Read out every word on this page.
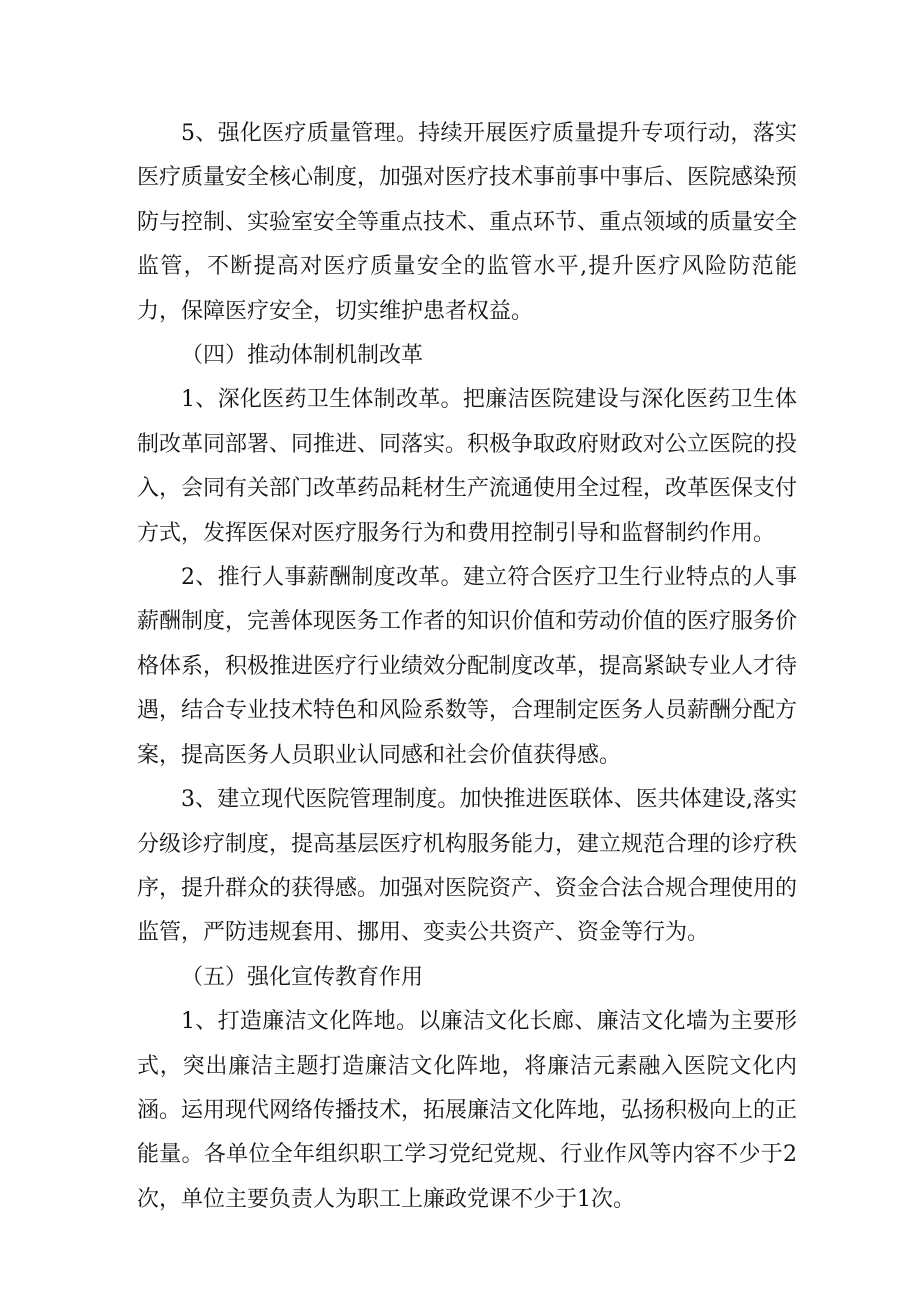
5、强化医疗质量管理。持续开展医疗质量提升专项行动，落实医疗质量安全核心制度，加强对医疗技术事前事中事后、医院感染预防与控制、实验室安全等重点技术、重点环节、重点领域的质量安全监管，不断提高对医疗质量安全的监管水平,提升医疗风险防范能力，保障医疗安全，切实维护患者权益。

（四）推动体制机制改革

1、深化医药卫生体制改革。把廉洁医院建设与深化医药卫生体制改革同部署、同推进、同落实。积极争取政府财政对公立医院的投入，会同有关部门改革药品耗材生产流通使用全过程，改革医保支付方式，发挥医保对医疗服务行为和费用控制引导和监督制约作用。

2、推行人事薪酬制度改革。建立符合医疗卫生行业特点的人事薪酬制度，完善体现医务工作者的知识价值和劳动价值的医疗服务价格体系，积极推进医疗行业绩效分配制度改革，提高紧缺专业人才待遇，结合专业技术特色和风险系数等，合理制定医务人员薪酬分配方案，提高医务人员职业认同感和社会价值获得感。

3、建立现代医院管理制度。加快推进医联体、医共体建设,落实分级诊疗制度，提高基层医疗机构服务能力，建立规范合理的诊疗秩序，提升群众的获得感。加强对医院资产、资金合法合规合理使用的监管，严防违规套用、挪用、变卖公共资产、资金等行为。

（五）强化宣传教育作用

1、打造廉洁文化阵地。以廉洁文化长廊、廉洁文化墙为主要形式，突出廉洁主题打造廉洁文化阵地，将廉洁元素融入医院文化内涵。运用现代网络传播技术，拓展廉洁文化阵地，弘扬积极向上的正能量。各单位全年组织职工学习党纪党规、行业作风等内容不少于2次，单位主要负责人为职工上廉政党课不少于1次。
